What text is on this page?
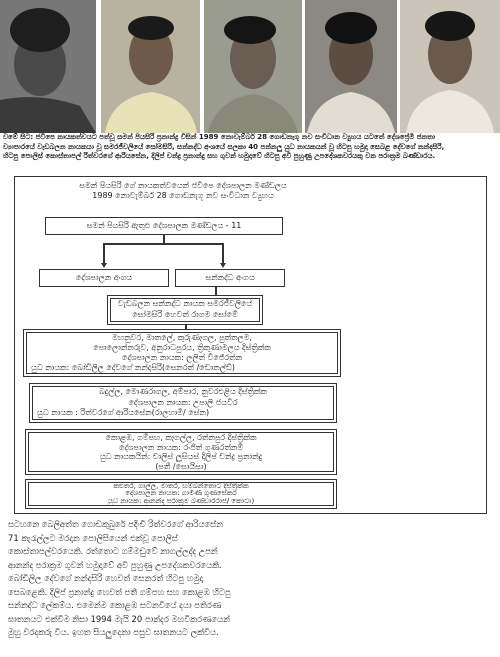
වමේ සිට: ජවිපෙ නායකත්වයට පත්වූ සමන් පියසිරි ප්‍රනාන්දු විසින් 1989 නොවැම්බර් 28 ගොඩනැගූ නව සංවිධාන ව්‍යුහය යටතේ දේශප්‍රේමී ජනතා
ව්‍යාපාරයේ වැඩබලන නායකයා වූ සමරජීවලියේ සෝමසිරි, සන්නද්ධ අංශයේ සලකා 40 පන්නලු යුධ නායකයන් වූ හිටපු හමුදා සෙබළ දේවගේ නන්දසිරි,
හිටපු පොලිස් කොස්තාපල් රිත්වරගේ ආරියසේන, දිලිප් චන්ද්‍ර ප්‍රනාන්දු සහ ගුවන් හමුදාවේ හිටපු අවි පුහුණු උපදේශකවරයකු වන පරාක්‍රම බණ්ඩාරය.
සමන් පියසිරි ගේ නායකත්වයෙන් ජවිපෙ දේශපාලන මණ්ඩලය
1989 නොවැම්බර් 28 ගොඩනැගූ නව සංවිධාන ව්‍යුහය
සමන් පියසිරි ඇතුළු දේශපාලන මණ්ඩලය - 11
දේශපාලන අංගය	සන්නද්ධ අංගය
වැඩබලන සන්නද්ධ නායක සමරජීවලියේ
සෝමසිරි හෙවත් රාගම සෝමේ
මහනුවර, මාතලේ, කුරුණෑගල, පුත්තලම,
පොලොන්නරුව, අනුරාධපුරය, ත්‍රිකුණාමලය දිස්ත්‍රික්ක
දේශපාලන නායක: ලලිත් විජේරත්න
යුධ නායක: බෝඩිලිල දේවගේ නන්දසිරි(සෙනරත් /ඩොනල්ඩ්)
බදුල්ල, මොණරාගල, අම්පාර, නුවරඑළිය දිස්ත්‍රික්ක
දේශපාලන නායක: උපාලි ජයවීර
යුධ නායක : රිත්වරගේ ආරියසේන(රාලහාමි/ සේන)
කොළඹ, ගම්පහ, කෑගල්ල, රත්නපුර දිස්ත්‍රික්ක
දේශපාලන නායක: රංජිත් ගුණරත්නම්
යුධ නායකයින්: චාලිස් ලූසියස් දිලිප් චන්ද්‍ර ප්‍රනාන්දු
(පතී /සොයිසා)
කළුතර, ගාල්ල, මාතර, හම්බන්තොට දිස්ත්‍රික්ක
දේශපාලන නායක: ගාමිණී ගුණසේකර
යුධ නායක: ආනන්ද පරාක්‍රම බණ්ඩාරරාජ/ කොටා)
සටහනෙ බෙලිඅත්ත ගොඩකුබුරේ පදිංචි රිත්වරගේ ආරියසේන
71 කැරැල්ලට මරදාන පොලිසියෙන් එක්වූ පොලිස්
කොස්තාපල්වරයෙකි. රත්තොට ගම්මඩුවේ නාගල්ලද්ද උපන්
ආනන්ද පරාක්‍රම ගුවන් හමුදාවේ අවි පුහුණු උපදේශකවරයෙකි.
බෝඩිලිල දේවගේ නන්දසිරි හෙවත් සෙනරත් හිටපු හමුදා
සෙබළෙකි. දිලිප් ප්‍රනාන්දු හෙවත් පතී ගම්පහ සහ කොළඹ හිටපු
සන්නද්ධ ලේකම්ය. එමෙන්ම කොළඹ සටනවියේ දයා පතිරණ
ඝාතනයට එක්වීම නිසා 1994 මැයි 20 පාන්දර මහවිකරණයෙන්
මුහු වරදකරු විය. ඉහත සියලුදෙනා පසුව ඝාතනයට ලක්විය.
